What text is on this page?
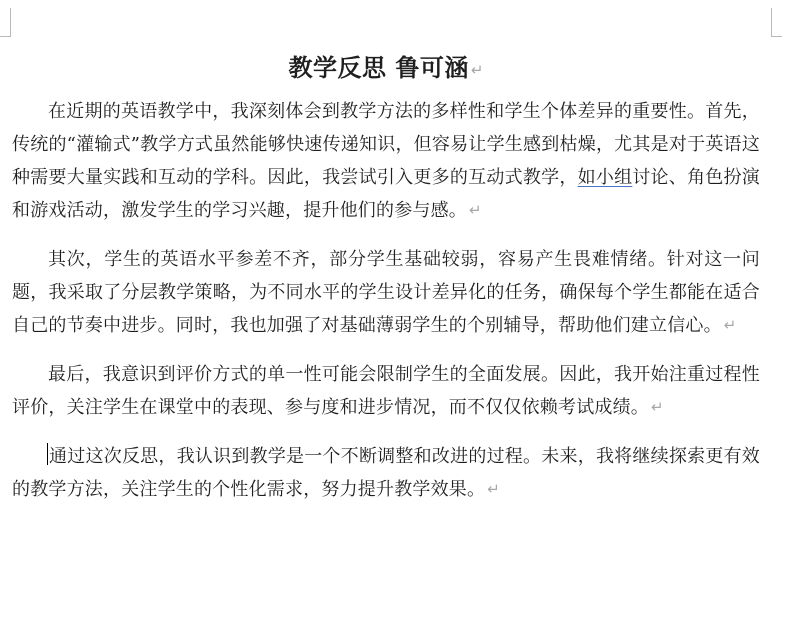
教学反思 鲁可涵 ↵

在近期的英语教学中，我深刻体会到教学方法的多样性和学生个体差异的重要性。首先，传统的“灌输式”教学方式虽然能够快速传递知识，但容易让学生感到枯燥，尤其是对于英语这种需要大量实践和互动的学科。因此，我尝试引入更多的互动式教学，如小组讨论、角色扮演和游戏活动，激发学生的学习兴趣，提升他们的参与感。 ↵

其次，学生的英语水平参差不齐，部分学生基础较弱，容易产生畏难情绪。针对这一问题，我采取了分层教学策略，为不同水平的学生设计差异化的任务，确保每个学生都能在适合自己的节奏中进步。同时，我也加强了对基础薄弱学生的个别辅导，帮助他们建立信心。 ↵

最后，我意识到评价方式的单一性可能会限制学生的全面发展。因此，我开始注重过程性评价，关注学生在课堂中的表现、参与度和进步情况，而不仅仅依赖考试成绩。 ↵

通过这次反思，我认识到教学是一个不断调整和改进的过程。未来，我将继续探索更有效的教学方法，关注学生的个性化需求，努力提升教学效果。 ↵
